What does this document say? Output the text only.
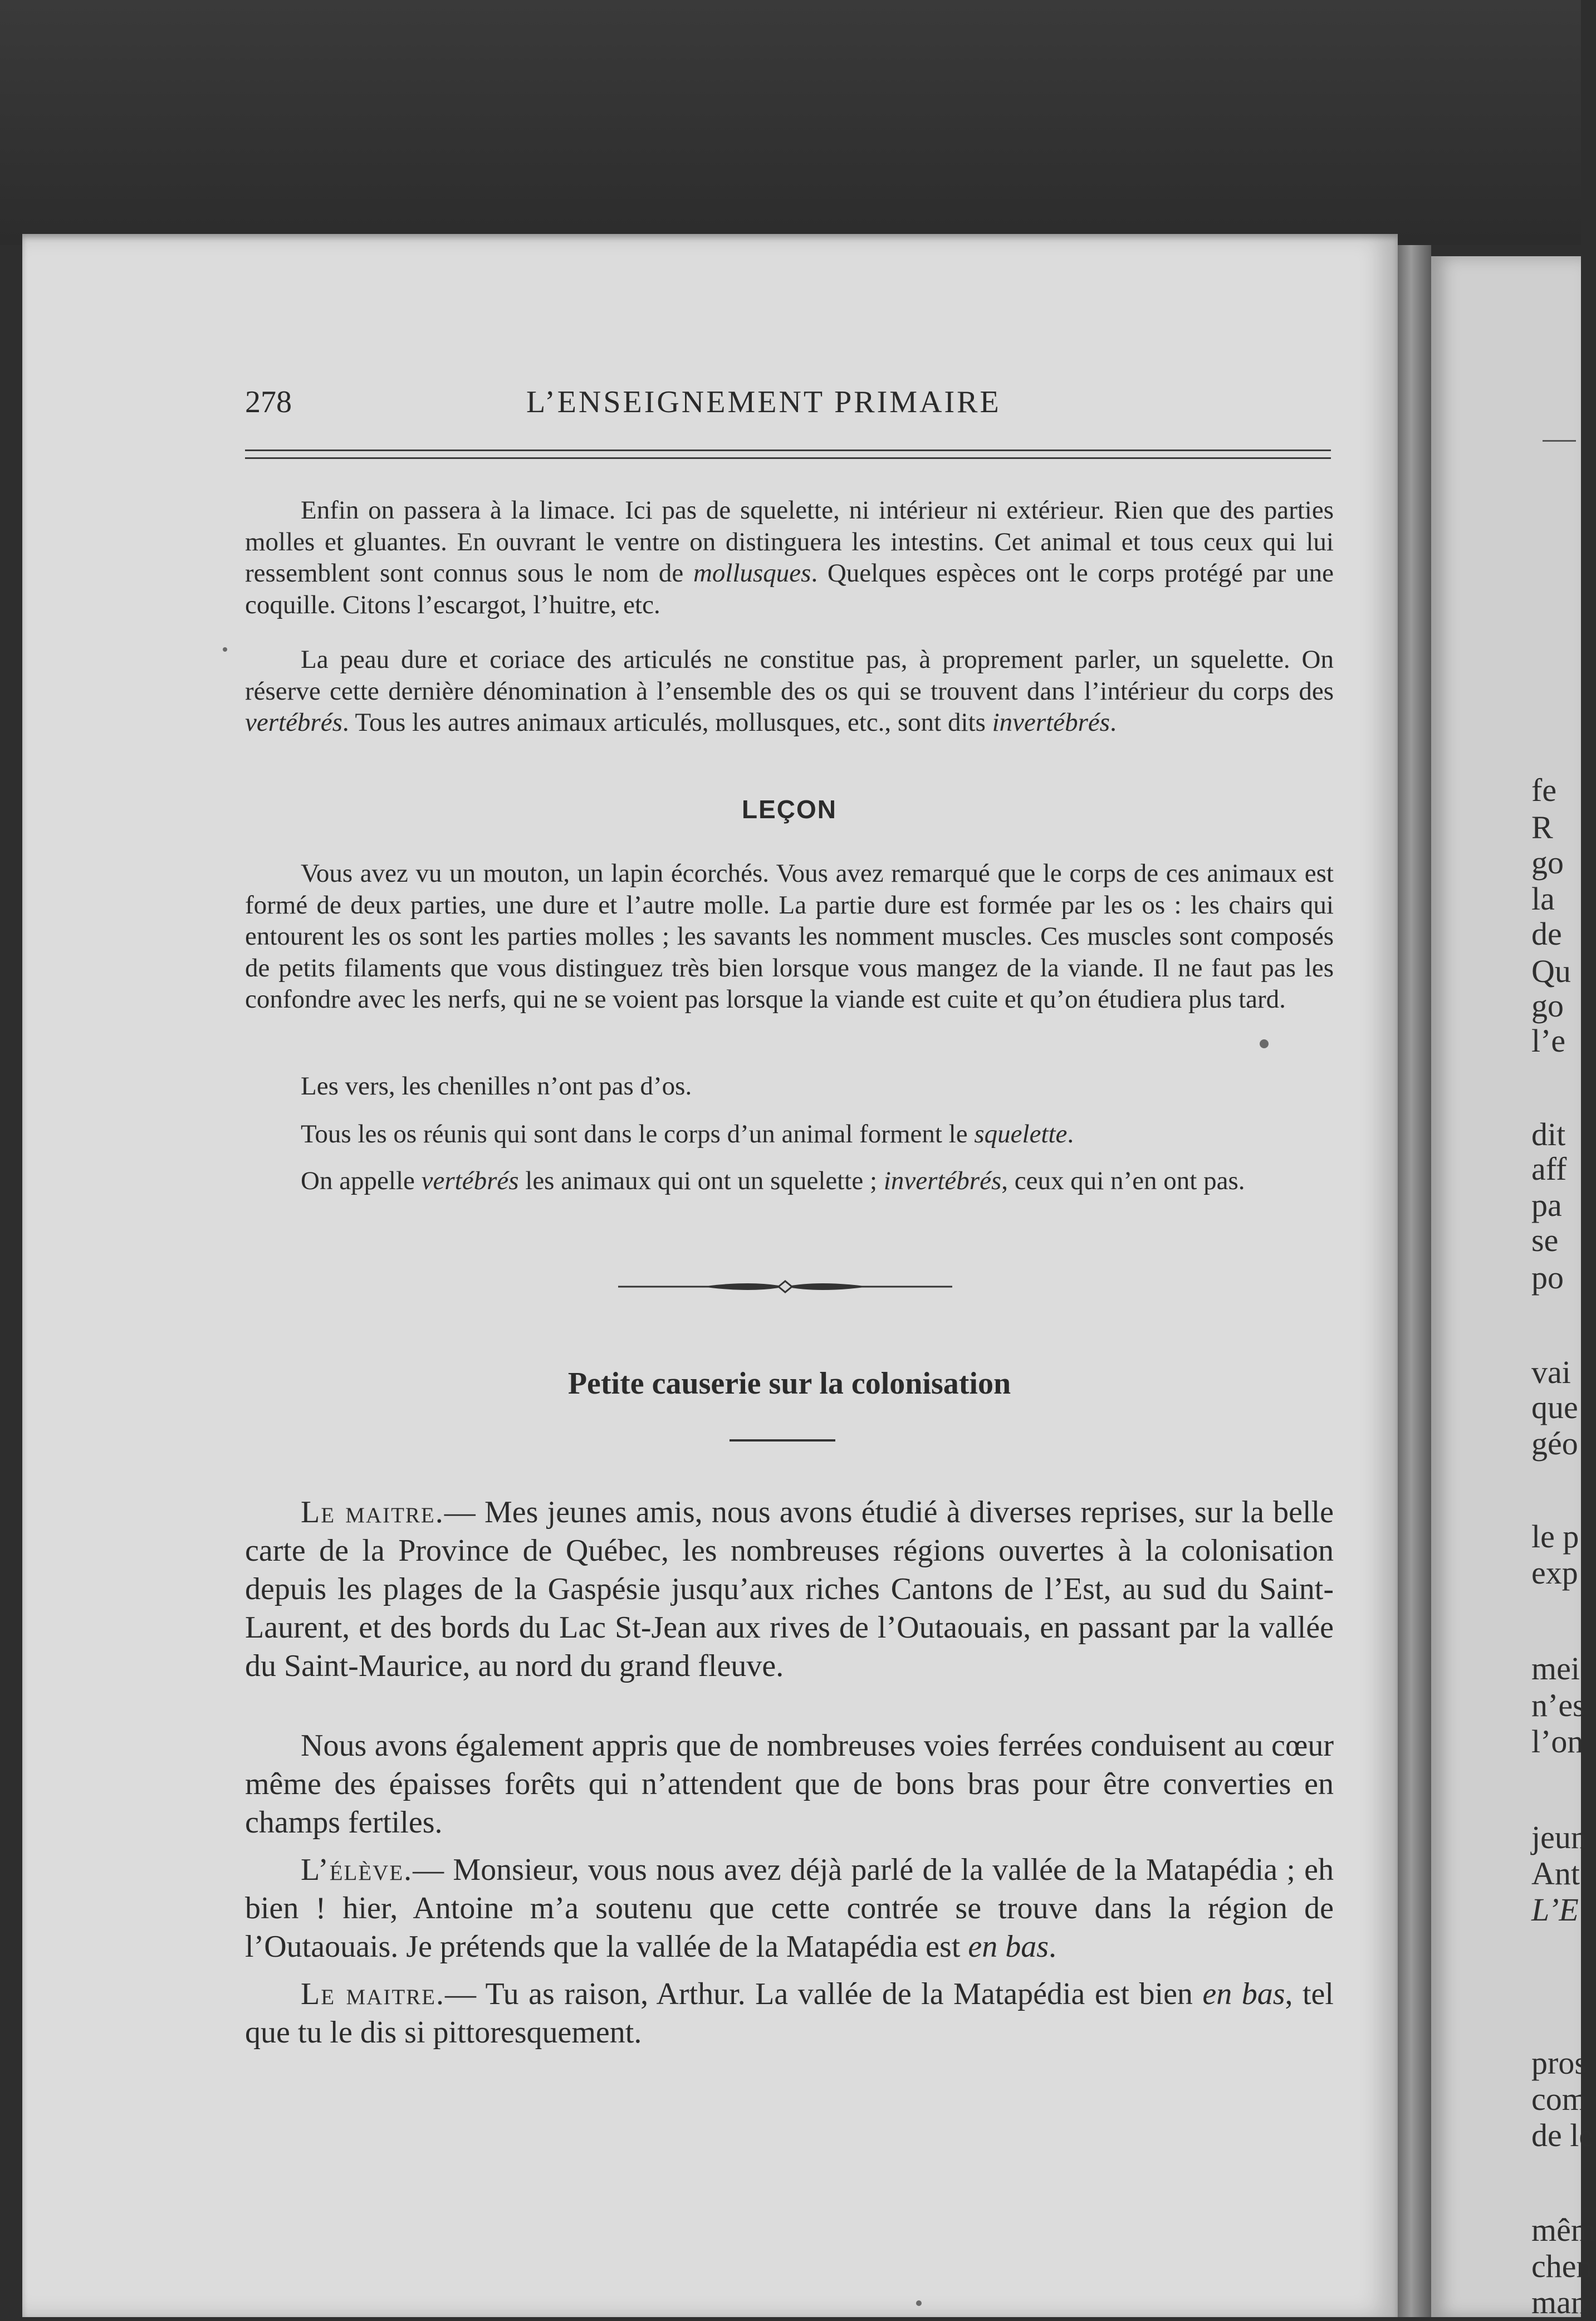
fe
R
go
la
de
Qu
go
l’e
dit
aff
pa
se
po
vai
que
géo
le p
exp
mei
n’es
l’on
jeun
Ant
L’E
pros
com
de le
mêm
chen
mani
278	L’ENSEIGNEMENT PRIMAIRE

Enfin on passera à la limace. Ici pas de squelette, ni intérieur ni extérieur. Rien que des parties molles et gluantes. En ouvrant le ventre on distinguera les intestins. Cet animal et tous ceux qui lui ressemblent sont connus sous le nom de mollusques. Quelques espèces ont le corps protégé par une coquille. Citons l’escargot, l’huitre, etc.

La peau dure et coriace des articulés ne constitue pas, à proprement parler, un squelette. On réserve cette dernière dénomination à l’ensemble des os qui se trouvent dans l’intérieur du corps des vertébrés. Tous les autres animaux articulés, mollusques, etc., sont dits invertébrés.

LEÇON

Vous avez vu un mouton, un lapin écorchés. Vous avez remarqué que le corps de ces animaux est formé de deux parties, une dure et l’autre molle. La partie dure est formée par les os : les chairs qui entourent les os sont les parties molles ; les savants les nomment muscles. Ces muscles sont composés de petits filaments que vous distinguez très bien lorsque vous mangez de la viande. Il ne faut pas les confondre avec les nerfs, qui ne se voient pas lorsque la viande est cuite et qu’on étudiera plus tard.

Les vers, les chenilles n’ont pas d’os.

Tous les os réunis qui sont dans le corps d’un animal forment le squelette.

On appelle vertébrés les animaux qui ont un squelette ; invertébrés, ceux qui n’en ont pas.

Petite causerie sur la colonisation

Le maitre.— Mes jeunes amis, nous avons étudié à diverses reprises, sur la belle carte de la Province de Québec, les nombreuses régions ouvertes à la colonisation depuis les plages de la Gaspésie jusqu’aux riches Cantons de l’Est, au sud du Saint-Laurent, et des bords du Lac St-Jean aux rives de l’Outaouais, en passant par la vallée du Saint-Maurice, au nord du grand fleuve.

Nous avons également appris que de nombreuses voies ferrées conduisent au cœur même des épaisses forêts qui n’attendent que de bons bras pour être converties en champs fertiles.

L’élève.— Monsieur, vous nous avez déjà parlé de la vallée de la Matapédia ; eh bien ! hier, Antoine m’a soutenu que cette contrée se trouve dans la région de l’Outaouais. Je prétends que la vallée de la Matapédia est en bas.

Le maitre.— Tu as raison, Arthur. La vallée de la Matapédia est bien en bas, tel que tu le dis si pittoresquement.
